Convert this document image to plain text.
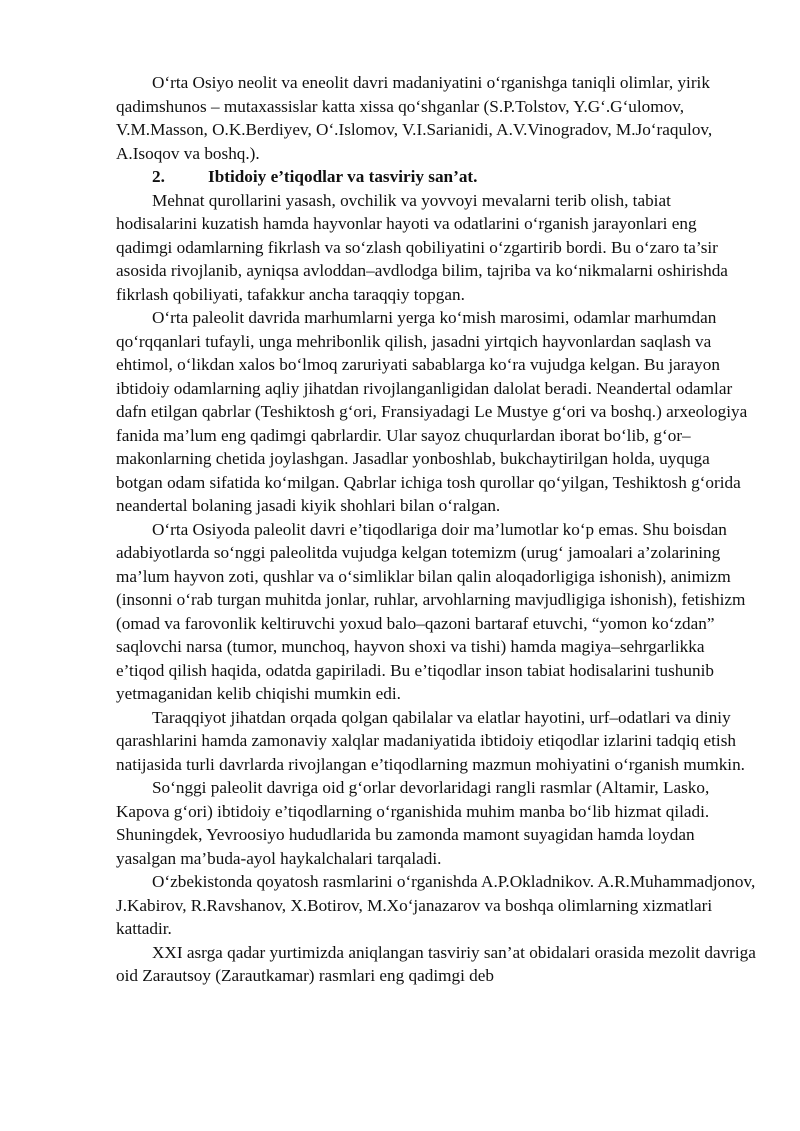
O‘rta Osiyo neolit va eneolit davri madaniyatini o‘rganishga taniqli olimlar, yirik qadimshunos – mutaxassislar katta xissa qo‘shganlar (S.P.Tolstov, Y.G‘.G‘ulomov, V.M.Masson, O.K.Berdiyev, O‘.Islomov, V.I.Sarianidi, A.V.Vinogradov, M.Jo‘raqulov, A.Isoqov va boshq.).

2.	Ibtidoiy e’tiqodlar va tasviriy san’at.

Mehnat qurollarini yasash, ovchilik va yovvoyi mevalarni terib olish, tabiat hodisalarini kuzatish hamda hayvonlar hayoti va odatlarini o‘rganish jarayonlari eng qadimgi odamlarning fikrlash va so‘zlash qobiliyatini o‘zgartirib bordi. Bu o‘zaro ta’sir asosida rivojlanib, ayniqsa avloddan–avdlodga bilim, tajriba va ko‘nikmalarni oshirishda fikrlash qobiliyati, tafakkur ancha taraqqiy topgan.

O‘rta paleolit davrida marhumlarni yerga ko‘mish marosimi, odamlar marhumdan qo‘rqqanlari tufayli, unga mehribonlik qilish, jasadni yirtqich hayvonlardan saqlash va ehtimol, o‘likdan xalos bo‘lmoq zaruriyati sabablarga ko‘ra vujudga kelgan. Bu jarayon ibtidoiy odamlarning aqliy jihatdan rivojlanganligidan dalolat beradi. Neandertal odamlar dafn etilgan qabrlar (Teshiktosh g‘ori, Fransiyadagi Le Mustye g‘ori va boshq.) arxeologiya fanida ma’lum eng qadimgi qabrlardir. Ular sayoz chuqurlardan iborat bo‘lib, g‘or– makonlarning chetida joylashgan. Jasadlar yonboshlab, bukchaytirilgan holda, uyquga botgan odam sifatida ko‘milgan. Qabrlar ichiga tosh qurollar qo‘yilgan, Teshiktosh g‘orida neandertal bolaning jasadi kiyik shohlari bilan o‘ralgan.

O‘rta Osiyoda paleolit davri e’tiqodlariga doir ma’lumotlar ko‘p emas. Shu boisdan adabiyotlarda so‘nggi paleolitda vujudga kelgan totemizm (urug‘ jamoalari a’zolarining ma’lum hayvon zoti, qushlar va o‘simliklar bilan qalin aloqadorligiga ishonish), animizm (insonni o‘rab turgan muhitda jonlar, ruhlar, arvohlarning mavjudligiga ishonish), fetishizm (omad va farovonlik keltiruvchi yoxud balo–qazoni bartaraf etuvchi, “yomon ko‘zdan” saqlovchi narsa (tumor, munchoq, hayvon shoxi va tishi) hamda magiya–sehrgarlikka e’tiqod qilish haqida, odatda gapiriladi. Bu e’tiqodlar inson tabiat hodisalarini tushunib yetmaganidan kelib chiqishi mumkin edi.

Taraqqiyot jihatdan orqada qolgan qabilalar va elatlar hayotini, urf–odatlari va diniy qarashlarini hamda zamonaviy xalqlar madaniyatida ibtidoiy etiqodlar izlarini tadqiq etish natijasida turli davrlarda rivojlangan e’tiqodlarning mazmun mohiyatini o‘rganish mumkin.

So‘nggi paleolit davriga oid g‘orlar devorlaridagi rangli rasmlar (Altamir, Lasko, Kapova g‘ori) ibtidoiy e’tiqodlarning o‘rganishida muhim manba bo‘lib hizmat qiladi. Shuningdek, Yevroosiyo hududlarida bu zamonda mamont suyagidan hamda loydan yasalgan ma’buda-ayol haykalchalari tarqaladi.

O‘zbekistonda qoyatosh rasmlarini o‘rganishda A.P.Okladnikov. A.R.Muhammadjonov, J.Kabirov, R.Ravshanov, X.Botirov, M.Xo‘janazarov va boshqa olimlarning xizmatlari kattadir.

XXI asrga qadar yurtimizda aniqlangan tasviriy san’at obidalari orasida mezolit davriga oid Zarautsoy (Zarautkamar) rasmlari eng qadimgi deb
